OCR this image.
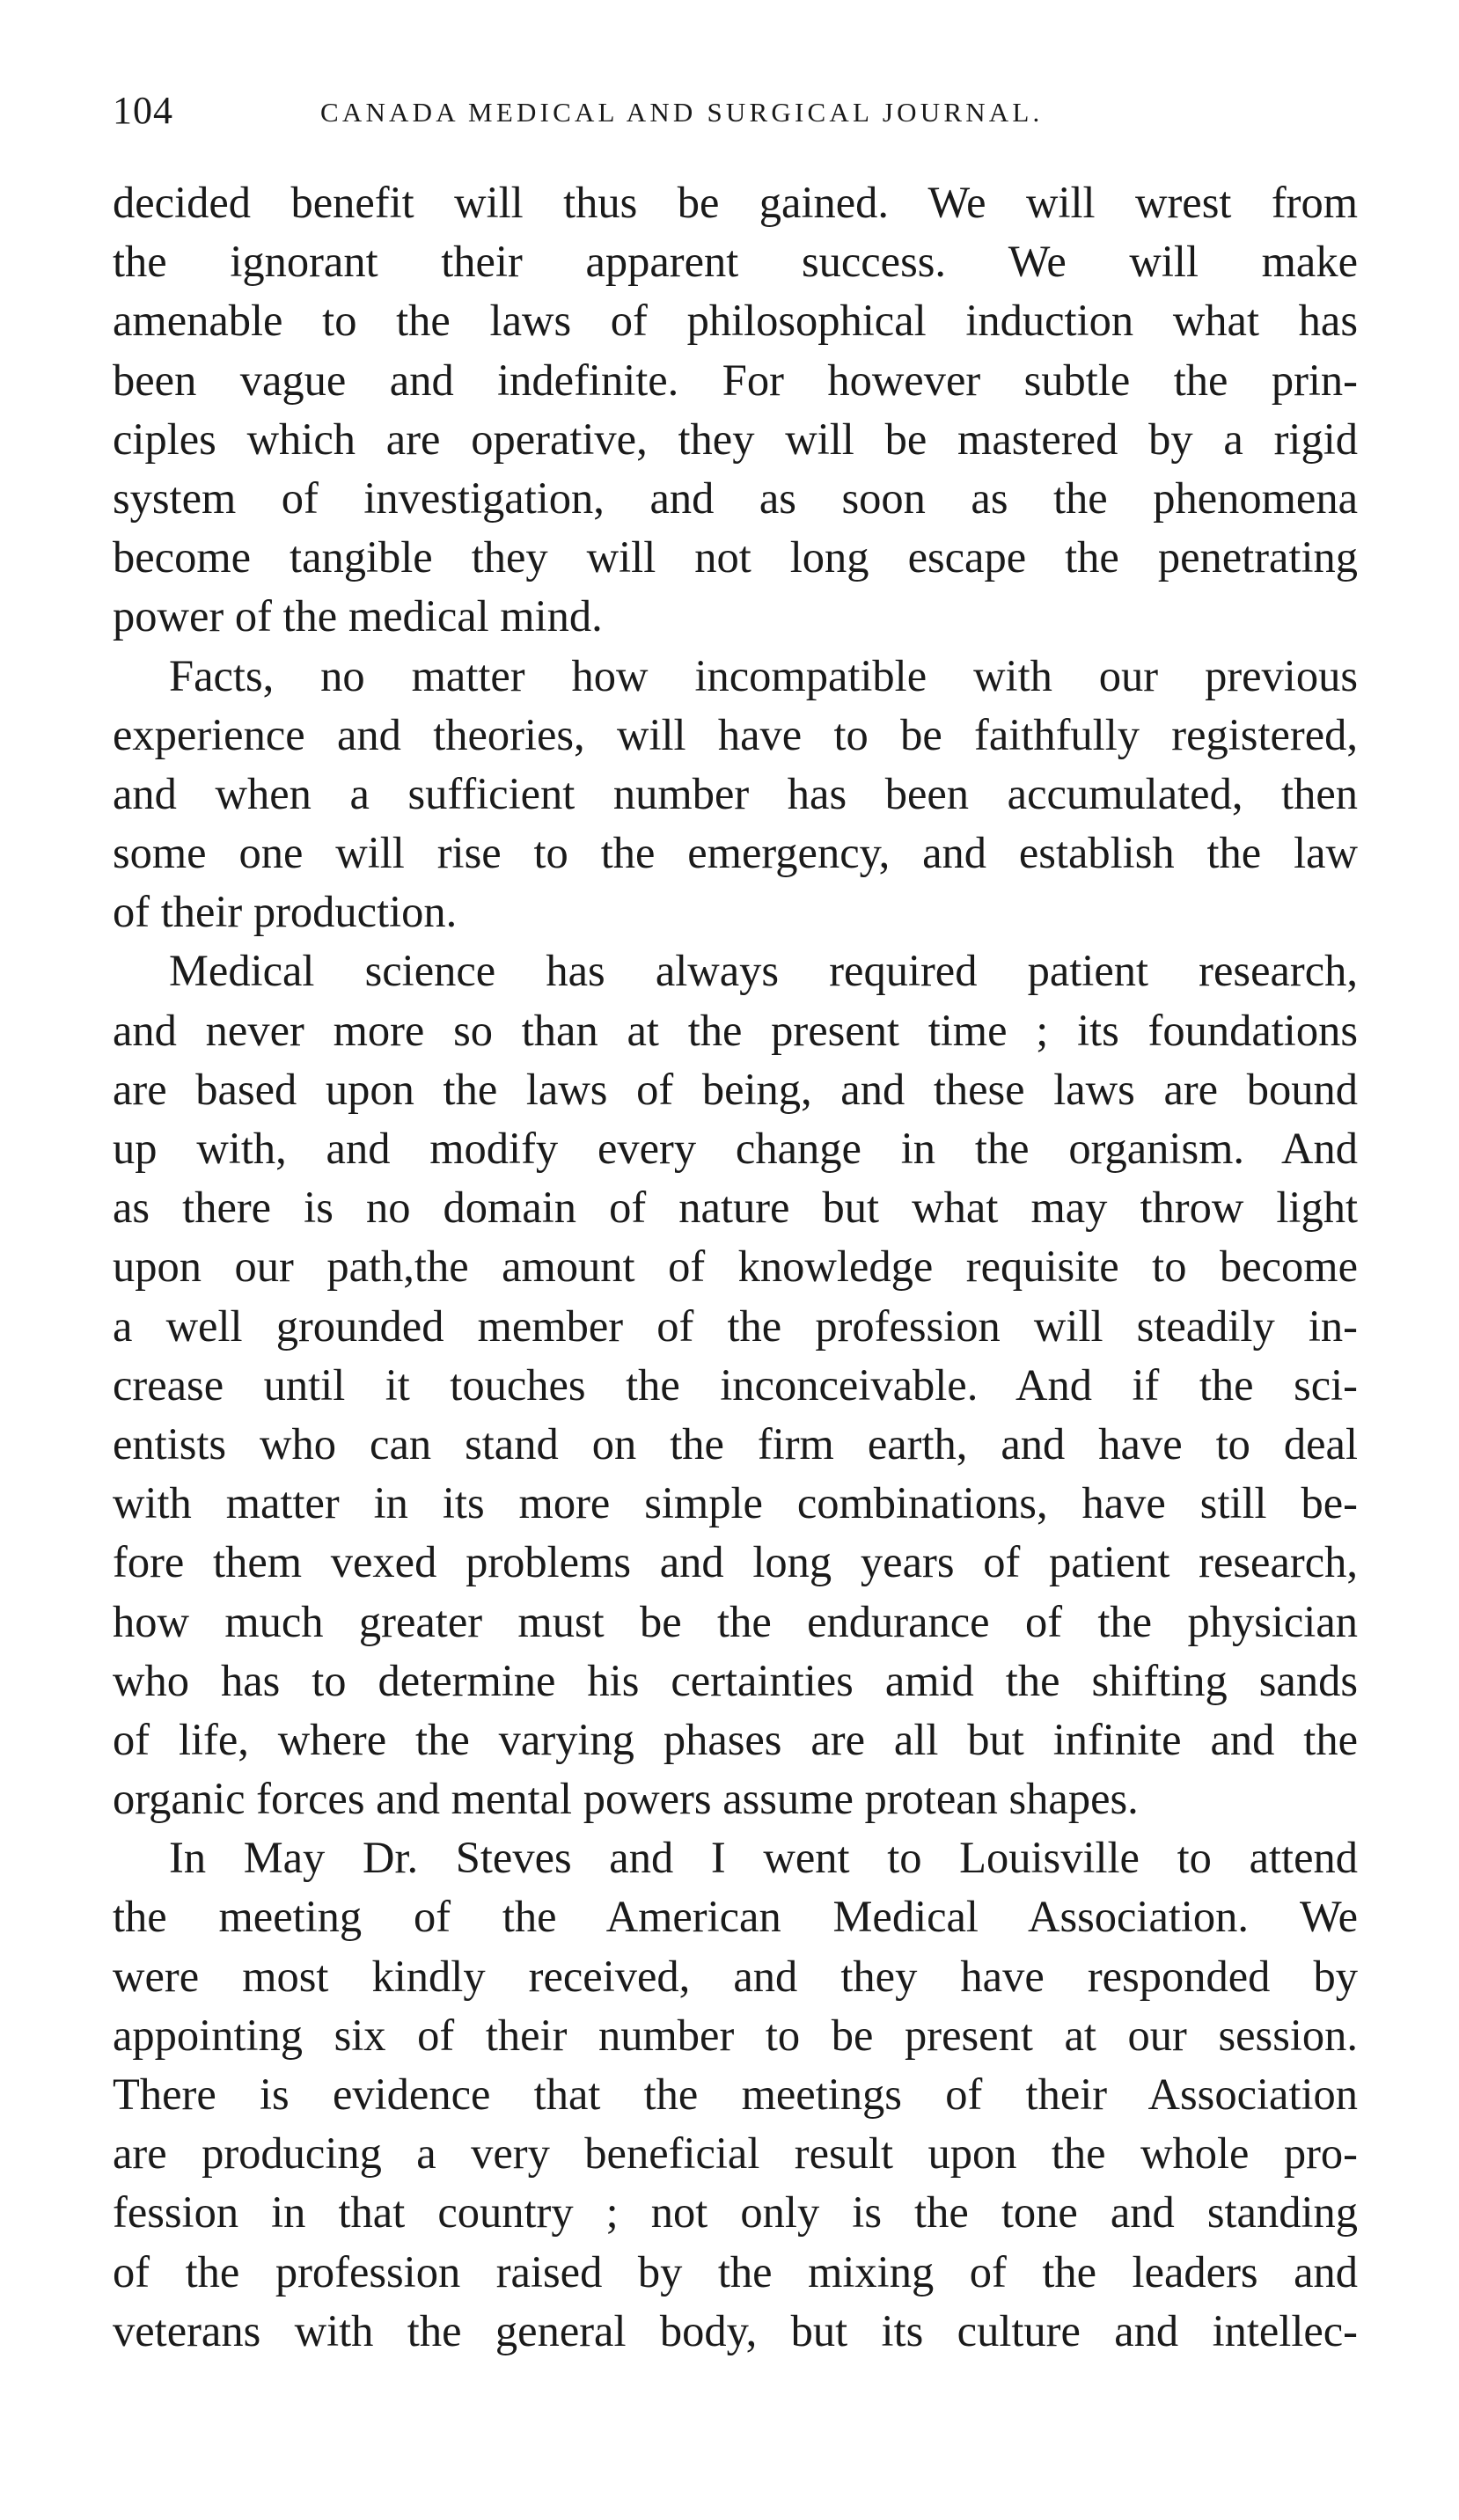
104	CANADA MEDICAL AND SURGICAL JOURNAL.
decided benefit will thus be gained. We will wrest from
the ignorant their apparent success. We will make
amenable to the laws of philosophical induction what has
been vague and indefinite. For however subtle the prin-
ciples which are operative, they will be mastered by a rigid
system of investigation, and as soon as the phenomena
become tangible they will not long escape the penetrating
power of the medical mind.
Facts, no matter how incompatible with our previous
experience and theories, will have to be faithfully registered,
and when a sufficient number has been accumulated, then
some one will rise to the emergency, and establish the law
of their production.
Medical science has always required patient research,
and never more so than at the present time ; its foundations
are based upon the laws of being, and these laws are bound
up with, and modify every change in the organism. And
as there is no domain of nature but what may throw light
upon our path,the amount of knowledge requisite to become
a well grounded member of the profession will steadily in-
crease until it touches the inconceivable. And if the sci-
entists who can stand on the firm earth, and have to deal
with matter in its more simple combinations, have still be-
fore them vexed problems and long years of patient research,
how much greater must be the endurance of the physician
who has to determine his certainties amid the shifting sands
of life, where the varying phases are all but infinite and the
organic forces and mental powers assume protean shapes.
In May Dr. Steves and I went to Louisville to attend
the meeting of the American Medical Association. We
were most kindly received, and they have responded by
appointing six of their number to be present at our session.
There is evidence that the meetings of their Association
are producing a very beneficial result upon the whole pro-
fession in that country ; not only is the tone and standing
of the profession raised by the mixing of the leaders and
veterans with the general body, but its culture and intellec-
